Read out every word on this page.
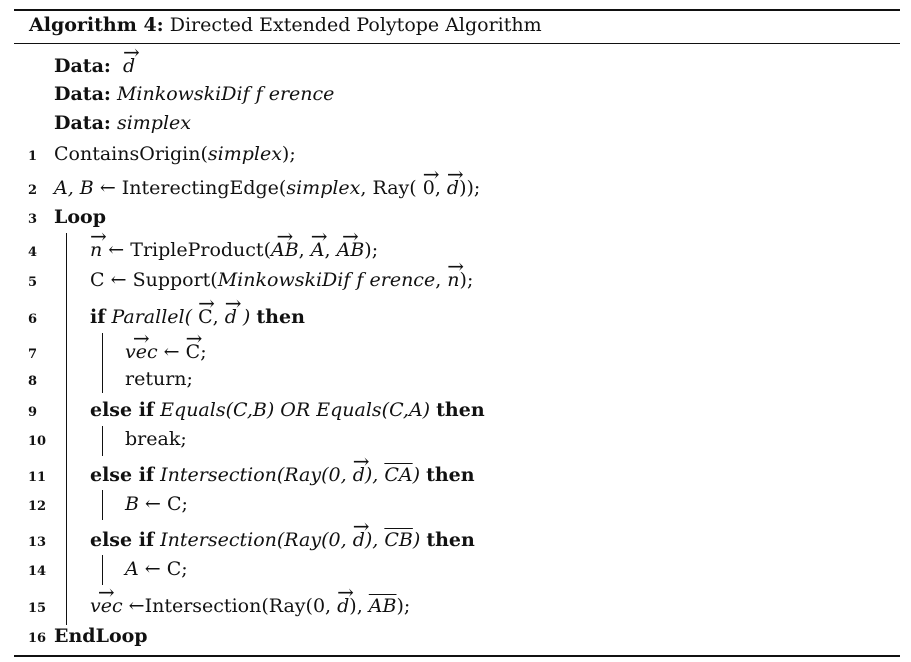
Algorithm 4: Directed Extended Polytope Algorithm
Data: → d
Data: MinkowskiDif f erence
Data: simplex
1 ContainsOrigin(simplex);
2 A, B ← InterectingEdge(simplex, Ray( → 0, → d));
3 Loop
4	→ n ← TripleProduct(→ AB, → A, → AB);
5	C ← Support(MinkowskiDif f erence, → n);
6	if Parallel( → C, → d ) then
7	→ vec ← → C;
8	return;
9	else if Equals(C,B) OR Equals(C,A) then
10	break;
11 else if Intersection(Ray(0, → d), $\overline{CA}$) then
12	B ← C;
13 else if Intersection(Ray(0, → d), $\overline{CB}$) then
14	A ← C;
15 → vec ←Intersection(Ray(0, → d), $\overline{AB}$);
16 EndLoop
